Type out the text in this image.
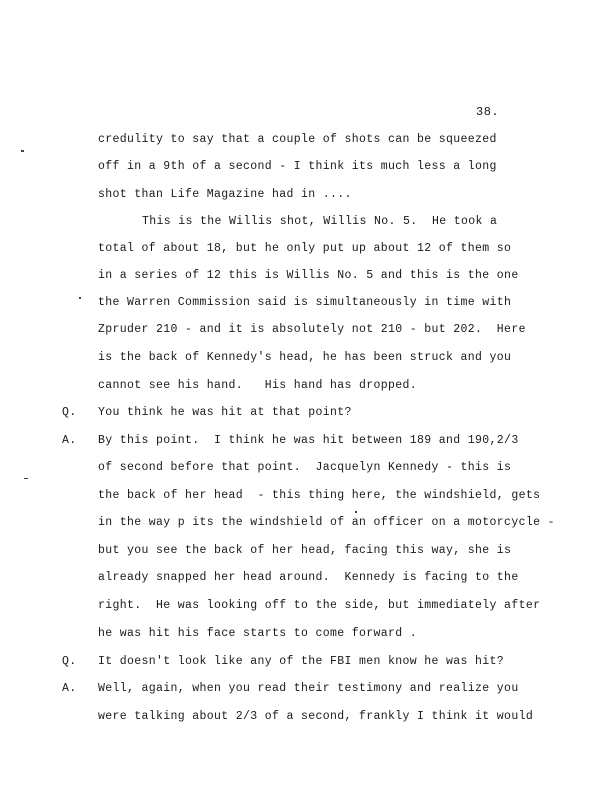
38.
credulity to say that a couple of shots can be squeezed
off in a 9th of a second - I think its much less a long
shot than Life Magazine had in ....
This is the Willis shot, Willis No. 5.  He took a
total of about 18, but he only put up about 12 of them so
in a series of 12 this is Willis No. 5 and this is the one
the Warren Commission said is simultaneously in time with
Zpruder 210 - and it is absolutely not 210 - but 202.  Here
is the back of Kennedy's head, he has been struck and you
cannot see his hand.   His hand has dropped.
Q. You think he was hit at that point?
A. By this point.  I think he was hit between 189 and 190,2/3
of second before that point.  Jacquelyn Kennedy - this is
the back of her head  - this thing here, the windshield, gets
in the way p its the windshield of an officer on a motorcycle -
but you see the back of her head, facing this way, she is
already snapped her head around.  Kennedy is facing to the
right.  He was looking off to the side, but immediately after
he was hit his face starts to come forward .
Q. It doesn't look like any of the FBI men know he was hit?
A. Well, again, when you read their testimony and realize you
were talking about 2/3 of a second, frankly I think it would
